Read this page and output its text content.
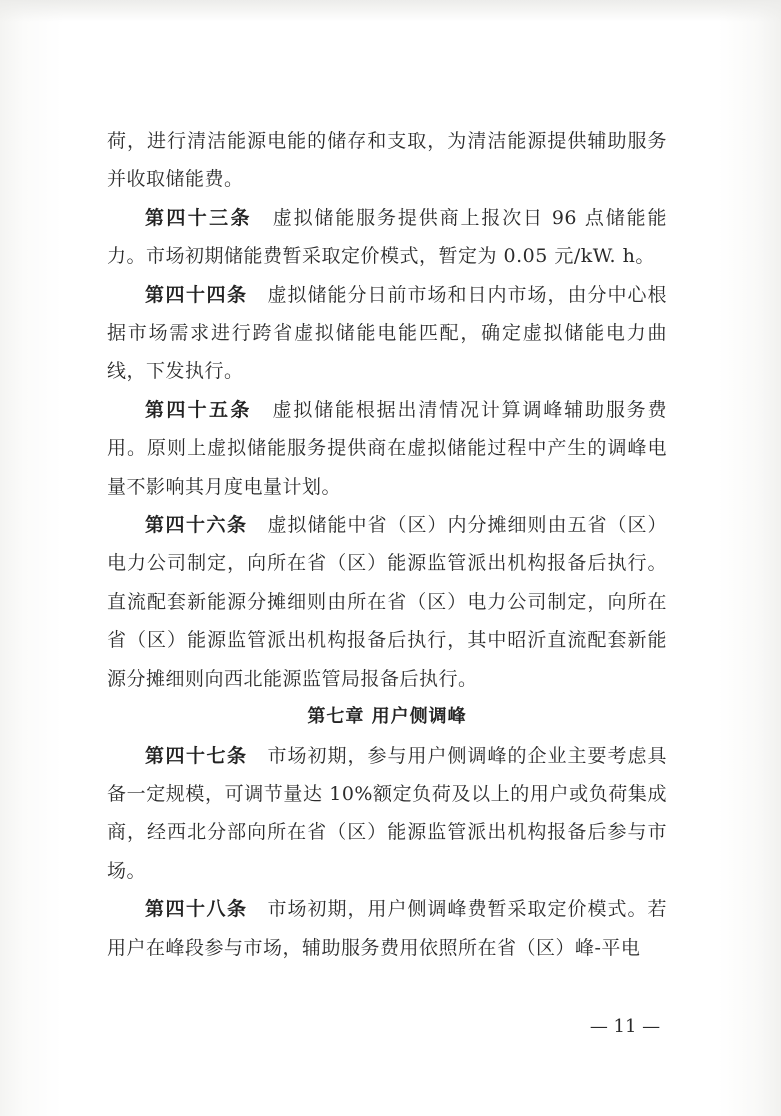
荷，进行清洁能源电能的储存和支取，为清洁能源提供辅助服务并收取储能费。

第四十三条　 虚拟储能服务提供商上报次日 96 点储能能力。市场初期储能费暂采取定价模式，暂定为 0.05 元/kW. h。

第四十四条　 虚拟储能分日前市场和日内市场，由分中心根据市场需求进行跨省虚拟储能电能匹配，确定虚拟储能电力曲线，下发执行。

第四十五条　 虚拟储能根据出清情况计算调峰辅助服务费用。原则上虚拟储能服务提供商在虚拟储能过程中产生的调峰电量不影响其月度电量计划。

第四十六条　 虚拟储能中省（区）内分摊细则由五省（区）电力公司制定，向所在省（区）能源监管派出机构报备后执行。直流配套新能源分摊细则由所在省（区）电力公司制定，向所在省（区）能源监管派出机构报备后执行，其中昭沂直流配套新能源分摊细则向西北能源监管局报备后执行。

第七章 用户侧调峰

第四十七条　 市场初期，参与用户侧调峰的企业主要考虑具备一定规模，可调节量达 10%额定负荷及以上的用户或负荷集成商，经西北分部向所在省（区）能源监管派出机构报备后参与市场。

第四十八条　 市场初期，用户侧调峰费暂采取定价模式。若用户在峰段参与市场，辅助服务费用依照所在省（区）峰-平电

— 11 —
